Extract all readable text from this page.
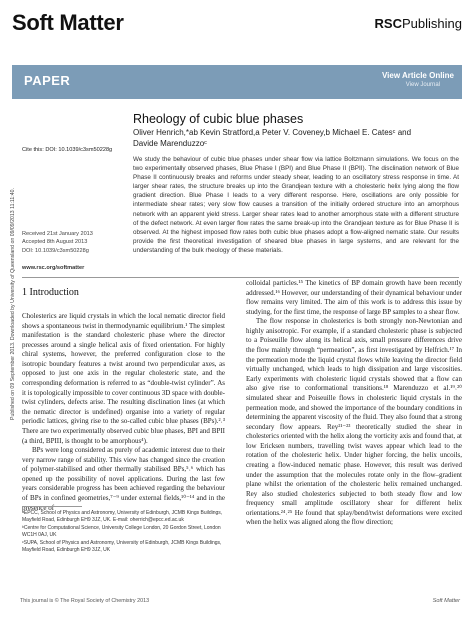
Soft Matter	RSCPublishing
PAPER	View Article Online
View Journal
Published on 09 September 2013. Downloaded by University of Queensland on 09/09/2013 11:11:40.
Cite this: DOI: 10.1039/c3sm50228g
Rheology of cubic blue phases
Oliver Henrich,*ab Kevin Stratford,a Peter V. Coveney,b Michael E. Catesᶜ and Davide Marenduzzoᶜ
We study the behaviour of cubic blue phases under shear flow via lattice Boltzmann simulations. We focus on the two experimentally observed phases, Blue Phase I (BPI) and Blue Phase II (BPII). The disclination network of Blue Phase II continuously breaks and reforms under steady shear, leading to an oscillatory stress response in time. At larger shear rates, the structure breaks up into the Grandjean texture with a cholesteric helix lying along the flow gradient direction. Blue Phase I leads to a very different response. Here, oscillations are only possible for intermediate shear rates; very slow flow causes a transition of the initially ordered structure into an amorphous network with an apparent yield stress. Larger shear rates lead to another amorphous state with a different structure of the defect network. At even larger flow rates the same break-up into the Grandjean texture as for Blue Phase II is observed. At the highest imposed flow rates both cubic blue phases adopt a flow-aligned nematic state. Our results provide the first theoretical investigation of sheared blue phases in large systems, and are relevant for the understanding of the bulk rheology of these materials.
Received 21st January 2013
Accepted 8th August 2013
DOI: 10.1039/c3sm50228g
www.rsc.org/softmatter
1 Introduction

Cholesterics are liquid crystals in which the local nematic director field shows a spontaneous twist in thermodynamic equilibrium.¹ The simplest manifestation is the standard cholesteric phase where the director precesses around a single helical axis of fixed orientation. For highly chiral systems, however, the preferred configuration close to the isotropic boundary features a twist around two perpendicular axes, as opposed to just one axis in the regular cholesteric state, and the corresponding deformation is referred to as “double-twist cylinder”. As it is topologically impossible to cover continuous 3D space with double-twist cylinders, defects arise. The resulting disclination lines (at which the nematic director is undefined) organise into a variety of regular periodic lattices, giving rise to the so-called cubic blue phases (BPs).²˒³ There are two experimentally observed cubic blue phases, BPI and BPII (a third, BPIII, is thought to be amorphous⁴).

BPs were long considered as purely of academic interest due to their very narrow range of stability. This view has changed since the creation of polymer-stabilised and other thermally stabilised BPs,⁵˒⁶ which has opened up the possibility of novel applications. During the last few years considerable progress has been achieved regarding the behaviour of BPs in confined geometries,⁷⁻⁹ under external fields,¹⁰⁻¹⁴ and in the presence of

ᵃEPCC, School of Physics and Astronomy, University of Edinburgh, JCMB Kings Buildings, Mayfield Road, Edinburgh EH9 3JZ, UK. E-mail: oherrich@epcc.ed.ac.uk
ᵇCentre for Computational Science, University College London, 20 Gordon Street, London WC1H 0AJ, UK
ᶜSUPA, School of Physics and Astronomy, University of Edinburgh, JCMB Kings Buildings, Mayfield Road, Edinburgh EH9 3JZ, UK

colloidal particles.¹⁵ The kinetics of BP domain growth have been recently addressed.¹⁶ However, our understanding of their dynamical behaviour under flow remains very limited. The aim of this work is to address this issue by studying, for the first time, the response of large BP samples to a shear flow.

The flow response in cholesterics is both strongly non-Newtonian and highly anisotropic. For example, if a standard cholesteric phase is subjected to a Poiseuille flow along its helical axis, small pressure differences drive the flow mainly through “permeation”, as first investigated by Helfrich.¹⁷ In the permeation mode the liquid crystal flows while leaving the director field virtually unchanged, which leads to high dissipation and large viscosities. Early experiments with cholesteric liquid crystals showed that a flow can also give rise to conformational transitions.¹⁸ Marenduzzo et al.¹⁹˒²⁰ simulated shear and Poiseuille flows in cholesteric liquid crystals in the permeation mode, and showed the importance of the boundary conditions in determining the apparent viscosity of the fluid. They also found that a strong secondary flow appears. Rey²¹⁻²³ theoretically studied the shear in cholesterics oriented with the helix along the vorticity axis and found that, at low Ericksen numbers, travelling twist waves appear which lead to the rotation of the cholesteric helix. Under higher forcing, the helix uncoils, creating a flow-induced nematic phase. However, this result was derived under the assumption that the molecules rotate only in the flow–gradient plane whilst the orientation of the cholesteric helix remained unchanged. Rey also studied cholesterics subjected to both steady flow and low frequency small amplitude oscillatory shear for different helix orientations.²⁴˒²⁵ He found that splay/bend/twist deformations were excited when the helix was aligned along the flow direction;

This journal is © The Royal Society of Chemistry 2013	Soft Matter
